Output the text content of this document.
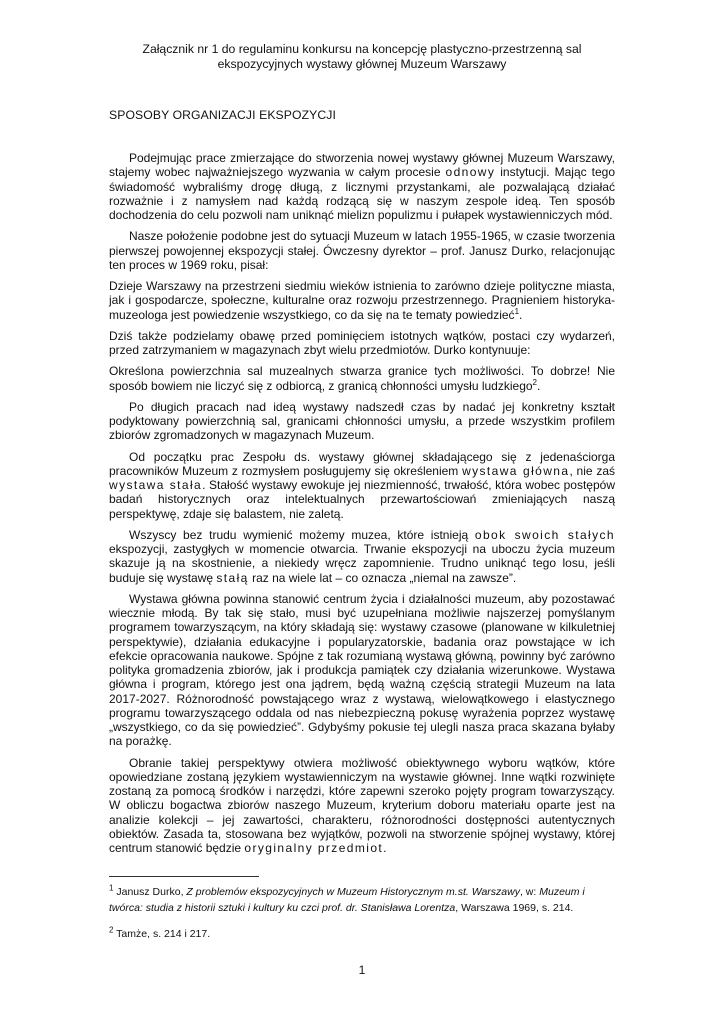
Załącznik nr 1 do regulaminu konkursu na koncepcję plastyczno-przestrzenną sal
ekspozycyjnych wystawy głównej Muzeum Warszawy
SPOSOBY ORGANIZACJI EKSPOZYCJI

Podejmując prace zmierzające do stworzenia nowej wystawy głównej Muzeum Warszawy, stajemy wobec najważniejszego wyzwania w całym procesie odnowy instytucji. Mając tego świadomość wybraliśmy drogę długą, z licznymi przystankami, ale pozwalającą działać rozważnie i z namysłem nad każdą rodzącą się w naszym zespole ideą. Ten sposób dochodzenia do celu pozwoli nam uniknąć mielizn populizmu i pułapek wystawienniczych mód.

Nasze położenie podobne jest do sytuacji Muzeum w latach 1955-1965, w czasie tworzenia pierwszej powojennej ekspozycji stałej. Ówczesny dyrektor – prof. Janusz Durko, relacjonując ten proces w 1969 roku, pisał:

Dzieje Warszawy na przestrzeni siedmiu wieków istnienia to zarówno dzieje polityczne miasta, jak i gospodarcze, społeczne, kulturalne oraz rozwoju przestrzennego. Pragnieniem historyka-muzeologa jest powiedzenie wszystkiego, co da się na te tematy powiedzieć$^1$.

Dziś także podzielamy obawę przed pominięciem istotnych wątków, postaci czy wydarzeń, przed zatrzymaniem w magazynach zbyt wielu przedmiotów. Durko kontynuuje:

Określona powierzchnia sal muzealnych stwarza granice tych możliwości. To dobrze! Nie sposób bowiem nie liczyć się z odbiorcą, z granicą chłonności umysłu ludzkiego$^2$.

Po długich pracach nad ideą wystawy nadszedł czas by nadać jej konkretny kształt podyktowany powierzchnią sal, granicami chłonności umysłu, a przede wszystkim profilem zbiorów zgromadzonych w magazynach Muzeum.

Od początku prac Zespołu ds. wystawy głównej składającego się z jedenaściorga pracowników Muzeum z rozmysłem posługujemy się określeniem wystawa główna, nie zaś wystawa stała. Stałość wystawy ewokuje jej niezmienność, trwałość, która wobec postępów badań historycznych oraz intelektualnych przewartościowań zmieniających naszą perspektywę, zdaje się balastem, nie zaletą.

Wszyscy bez trudu wymienić możemy muzea, które istnieją obok swoich stałych ekspozycji, zastygłych w momencie otwarcia. Trwanie ekspozycji na uboczu życia muzeum skazuje ją na skostnienie, a niekiedy wręcz zapomnienie. Trudno uniknąć tego losu, jeśli buduje się wystawę stałą raz na wiele lat – co oznacza „niemal na zawsze”.

Wystawa główna powinna stanowić centrum życia i działalności muzeum, aby pozostawać wiecznie młodą. By tak się stało, musi być uzupełniana możliwie najszerzej pomyślanym programem towarzyszącym, na który składają się: wystawy czasowe (planowane w kilkuletniej perspektywie), działania edukacyjne i popularyzatorskie, badania oraz powstające w ich efekcie opracowania naukowe. Spójne z tak rozumianą wystawą główną, powinny być zarówno polityka gromadzenia zbiorów, jak i produkcja pamiątek czy działania wizerunkowe. Wystawa główna i program, którego jest ona jądrem, będą ważną częścią strategii Muzeum na lata 2017-2027. Różnorodność powstającego wraz z wystawą, wielowątkowego i elastycznego programu towarzyszącego oddala od nas niebezpieczną pokusę wyrażenia poprzez wystawę „wszystkiego, co da się powiedzieć”. Gdybyśmy pokusie tej ulegli nasza praca skazana byłaby na porażkę.

Obranie takiej perspektywy otwiera możliwość obiektywnego wyboru wątków, które opowiedziane zostaną językiem wystawienniczym na wystawie głównej. Inne wątki rozwinięte zostaną za pomocą środków i narzędzi, które zapewni szeroko pojęty program towarzyszący. W obliczu bogactwa zbiorów naszego Muzeum, kryterium doboru materiału oparte jest na analizie kolekcji – jej zawartości, charakteru, różnorodności dostępności autentycznych obiektów. Zasada ta, stosowana bez wyjątków, pozwoli na stworzenie spójnej wystawy, której centrum stanowić będzie oryginalny przedmiot.

$^1$ Janusz Durko, Z problemów ekspozycyjnych w Muzeum Historycznym m.st. Warszawy, w: Muzeum i twórca: studia z historii sztuki i kultury ku czci prof. dr. Stanisława Lorentza, Warszawa 1969, s. 214.

$^2$ Tamże, s. 214 i 217.

1
